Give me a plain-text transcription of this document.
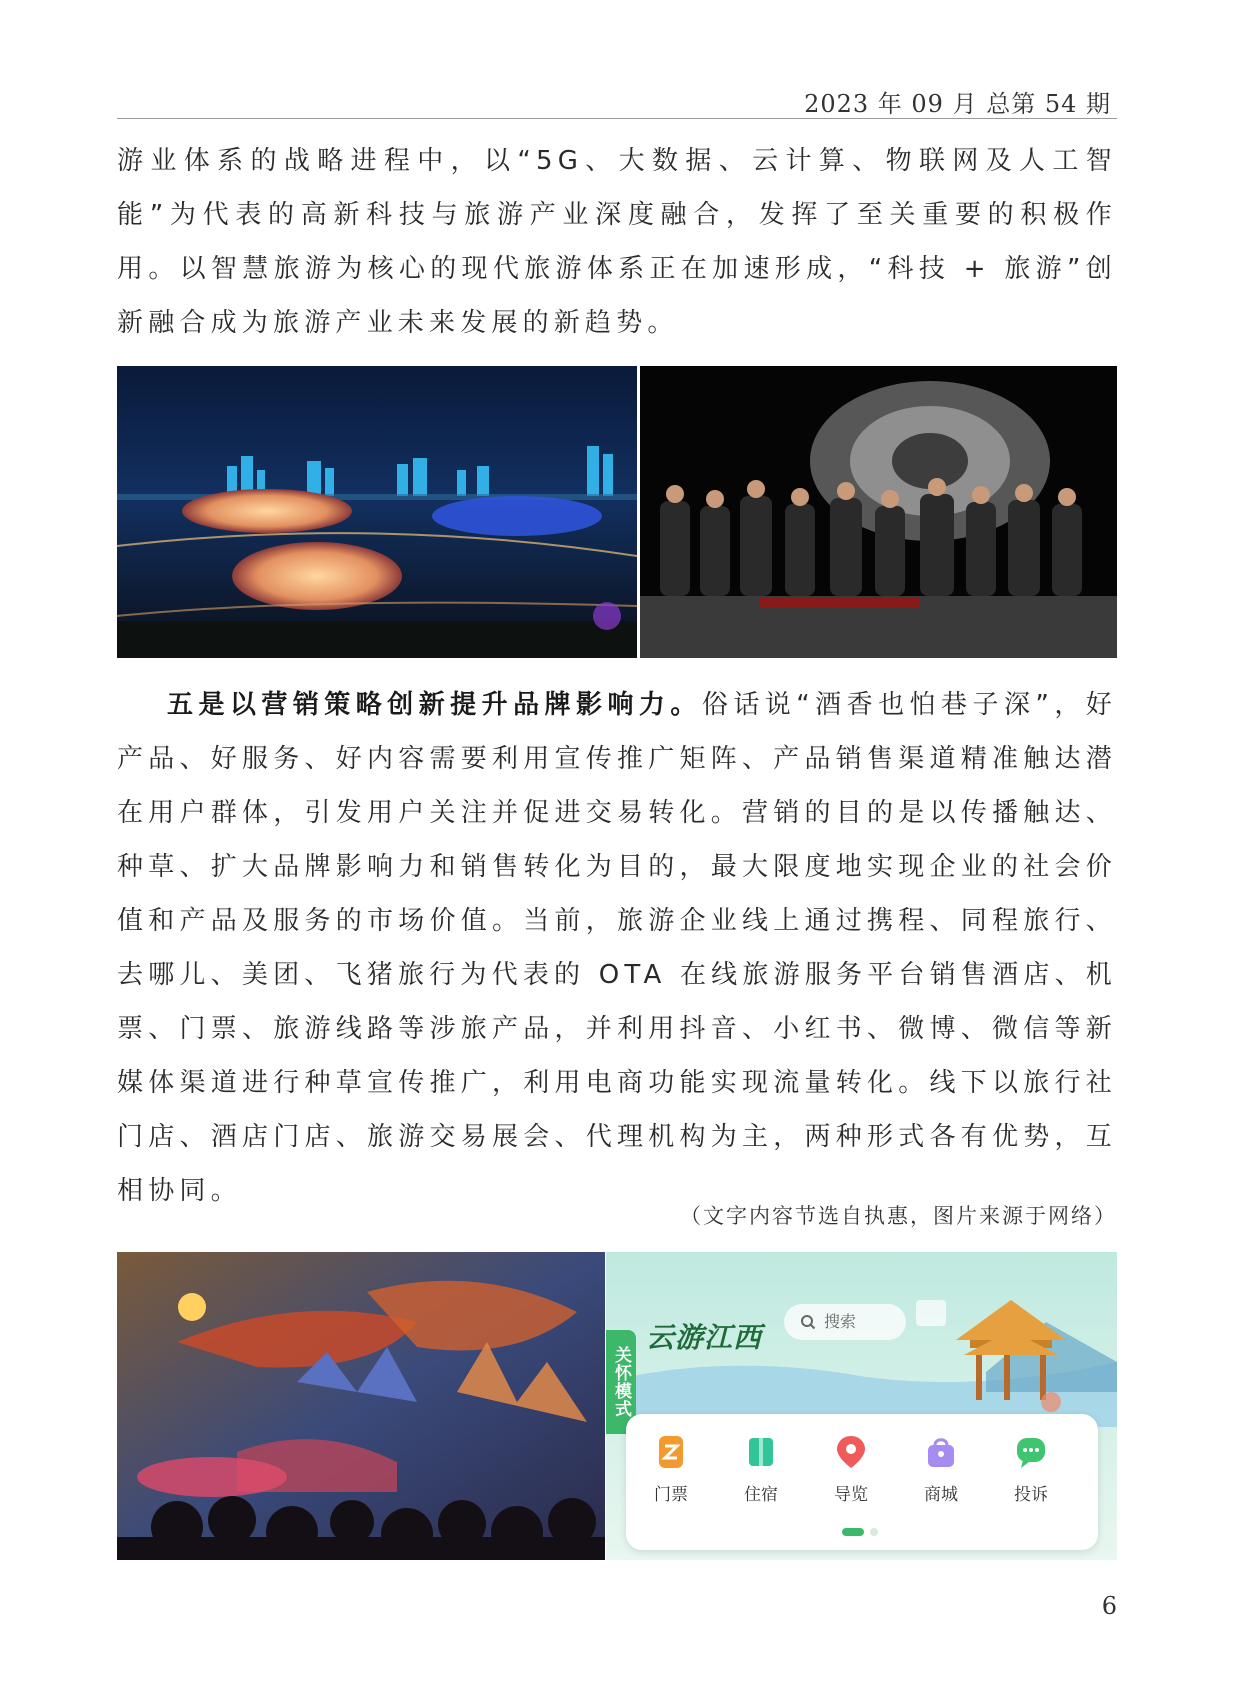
2023 年 09 月 总第 54 期

游业体系的战略进程中，以“5G、大数据、云计算、物联网及人工智能”为代表的高新科技与旅游产业深度融合，发挥了至关重要的积极作用。以智慧旅游为核心的现代旅游体系正在加速形成，“科技 + 旅游”创新融合成为旅游产业未来发展的新趋势。

五是以营销策略创新提升品牌影响力。俗话说“酒香也怕巷子深”，好产品、好服务、好内容需要利用宣传推广矩阵、产品销售渠道精准触达潜在用户群体，引发用户关注并促进交易转化。营销的目的是以传播触达、种草、扩大品牌影响力和销售转化为目的，最大限度地实现企业的社会价值和产品及服务的市场价值。当前，旅游企业线上通过携程、同程旅行、去哪儿、美团、飞猪旅行为代表的 OTA 在线旅游服务平台销售酒店、机票、门票、旅游线路等涉旅产品，并利用抖音、小红书、微博、微信等新媒体渠道进行种草宣传推广，利用电商功能实现流量转化。线下以旅行社门店、酒店门店、旅游交易展会、代理机构为主，两种形式各有优势，互相协同。

（文字内容节选自执惠，图片来源于网络）
云游江西	搜索
关怀模式
门票	住宿	导览	商城	投诉
6
